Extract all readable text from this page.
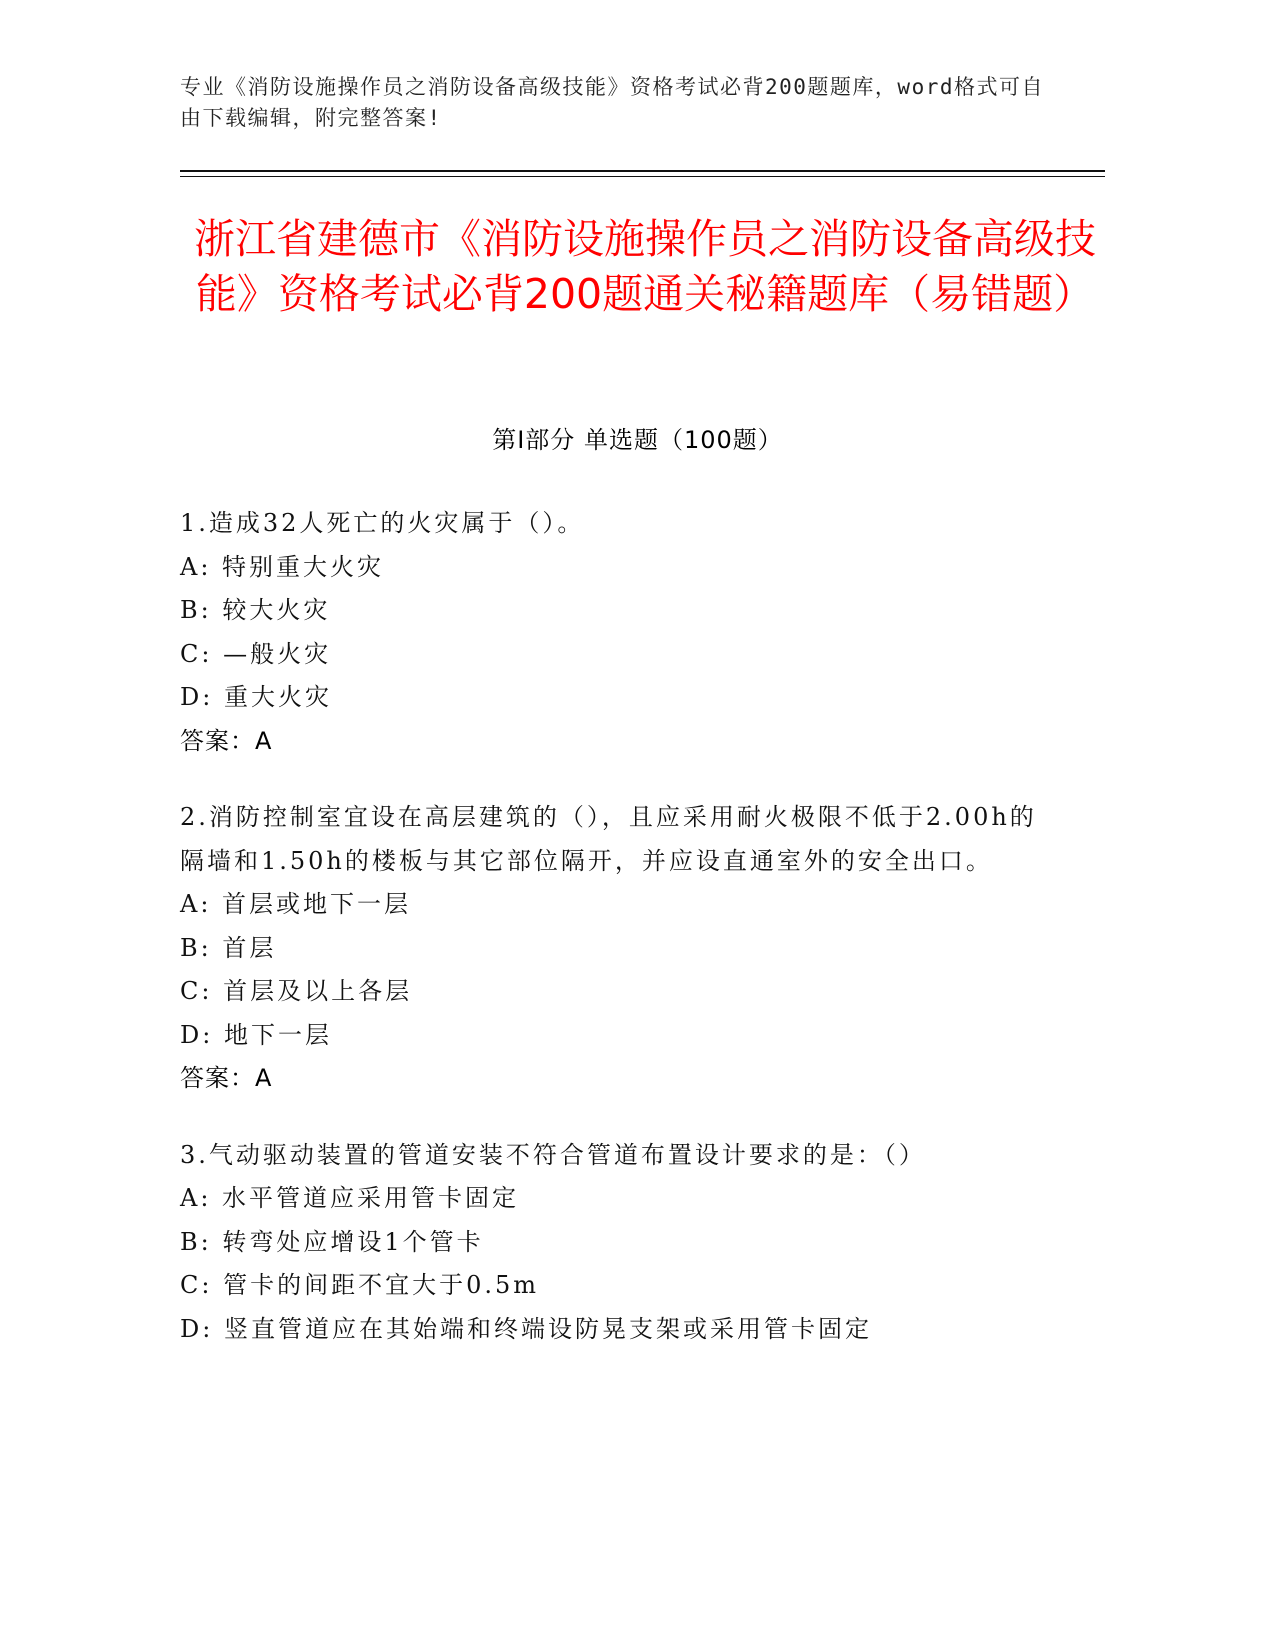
专业《消防设施操作员之消防设备高级技能》资格考试必背200题题库，word格式可自由下载编辑，附完整答案!
浙江省建德市《消防设施操作员之消防设备高级技能》资格考试必背200题通关秘籍题库（易错题）
第I部分 单选题（100题）
1.造成32人死亡的火灾属于（）。
A: 特别重大火灾
B: 较大火灾
C: —般火灾
D: 重大火灾
答案：A
2.消防控制室宜设在高层建筑的（），且应采用耐火极限不低于2.00h的隔墙和1.50h的楼板与其它部位隔开，并应设直通室外的安全出口。
A: 首层或地下一层
B: 首层
C: 首层及以上各层
D: 地下一层
答案：A
3.气动驱动装置的管道安装不符合管道布置设计要求的是：（）
A: 水平管道应采用管卡固定
B: 转弯处应增设1个管卡
C: 管卡的间距不宜大于0.5m
D: 竖直管道应在其始端和终端设防晃支架或采用管卡固定
